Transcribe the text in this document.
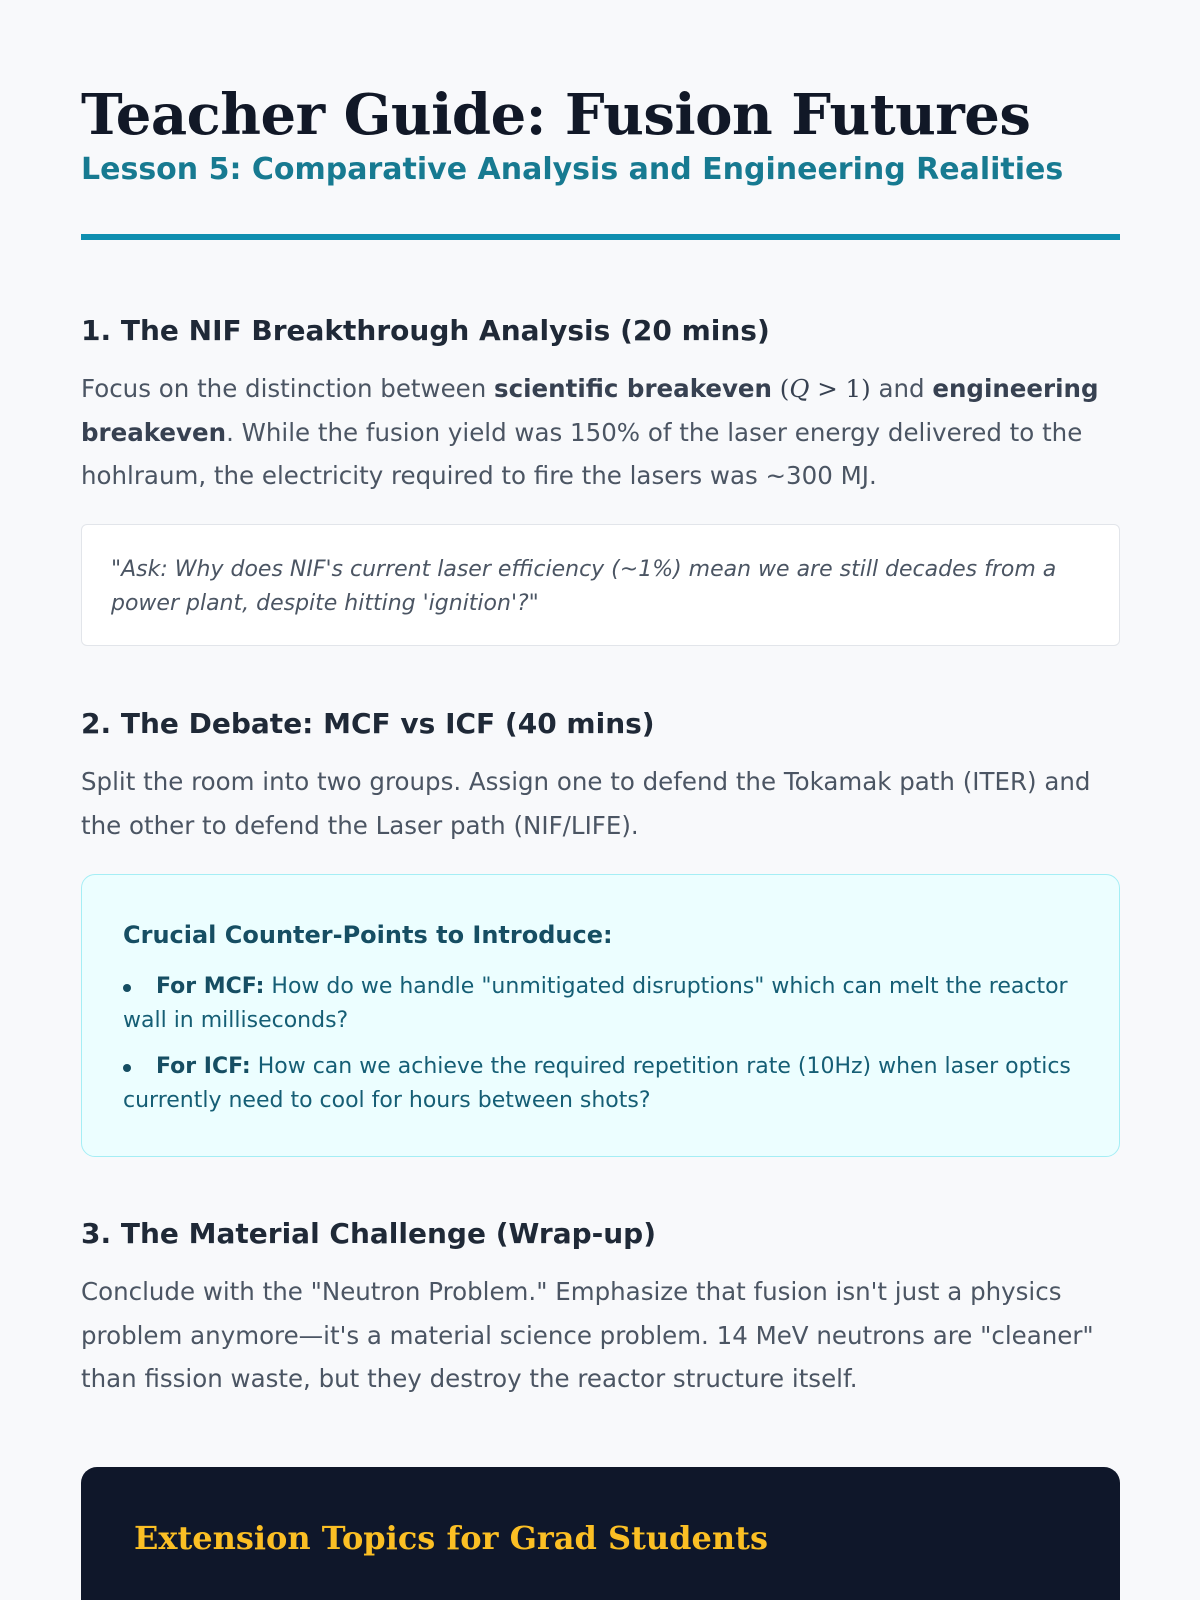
Teacher Guide: Fusion Futures
Lesson 5: Comparative Analysis and Engineering Realities
1. The NIF Breakthrough Analysis (20 mins)

Focus on the distinction between scientific breakeven (Q > 1) and engineering breakeven. While the fusion yield was 150% of the laser energy delivered to the hohlraum, the electricity required to fire the lasers was ~300 MJ.

"Ask: Why does NIF's current laser efficiency (~1%) mean we are still decades from a power plant, despite hitting 'ignition'?"

2. The Debate: MCF vs ICF (40 mins)

Split the room into two groups. Assign one to defend the Tokamak path (ITER) and the other to defend the Laser path (NIF/LIFE).

Crucial Counter-Points to Introduce:
For MCF: How do we handle "unmitigated disruptions" which can melt the reactor wall in milliseconds?
For ICF: How can we achieve the required repetition rate (10Hz) when laser optics currently need to cool for hours between shots?
3. The Material Challenge (Wrap-up)

Conclude with the "Neutron Problem." Emphasize that fusion isn't just a physics problem anymore—it's a material science problem. 14 MeV neutrons are "cleaner" than fission waste, but they destroy the reactor structure itself.

Extension Topics for Grad Students
